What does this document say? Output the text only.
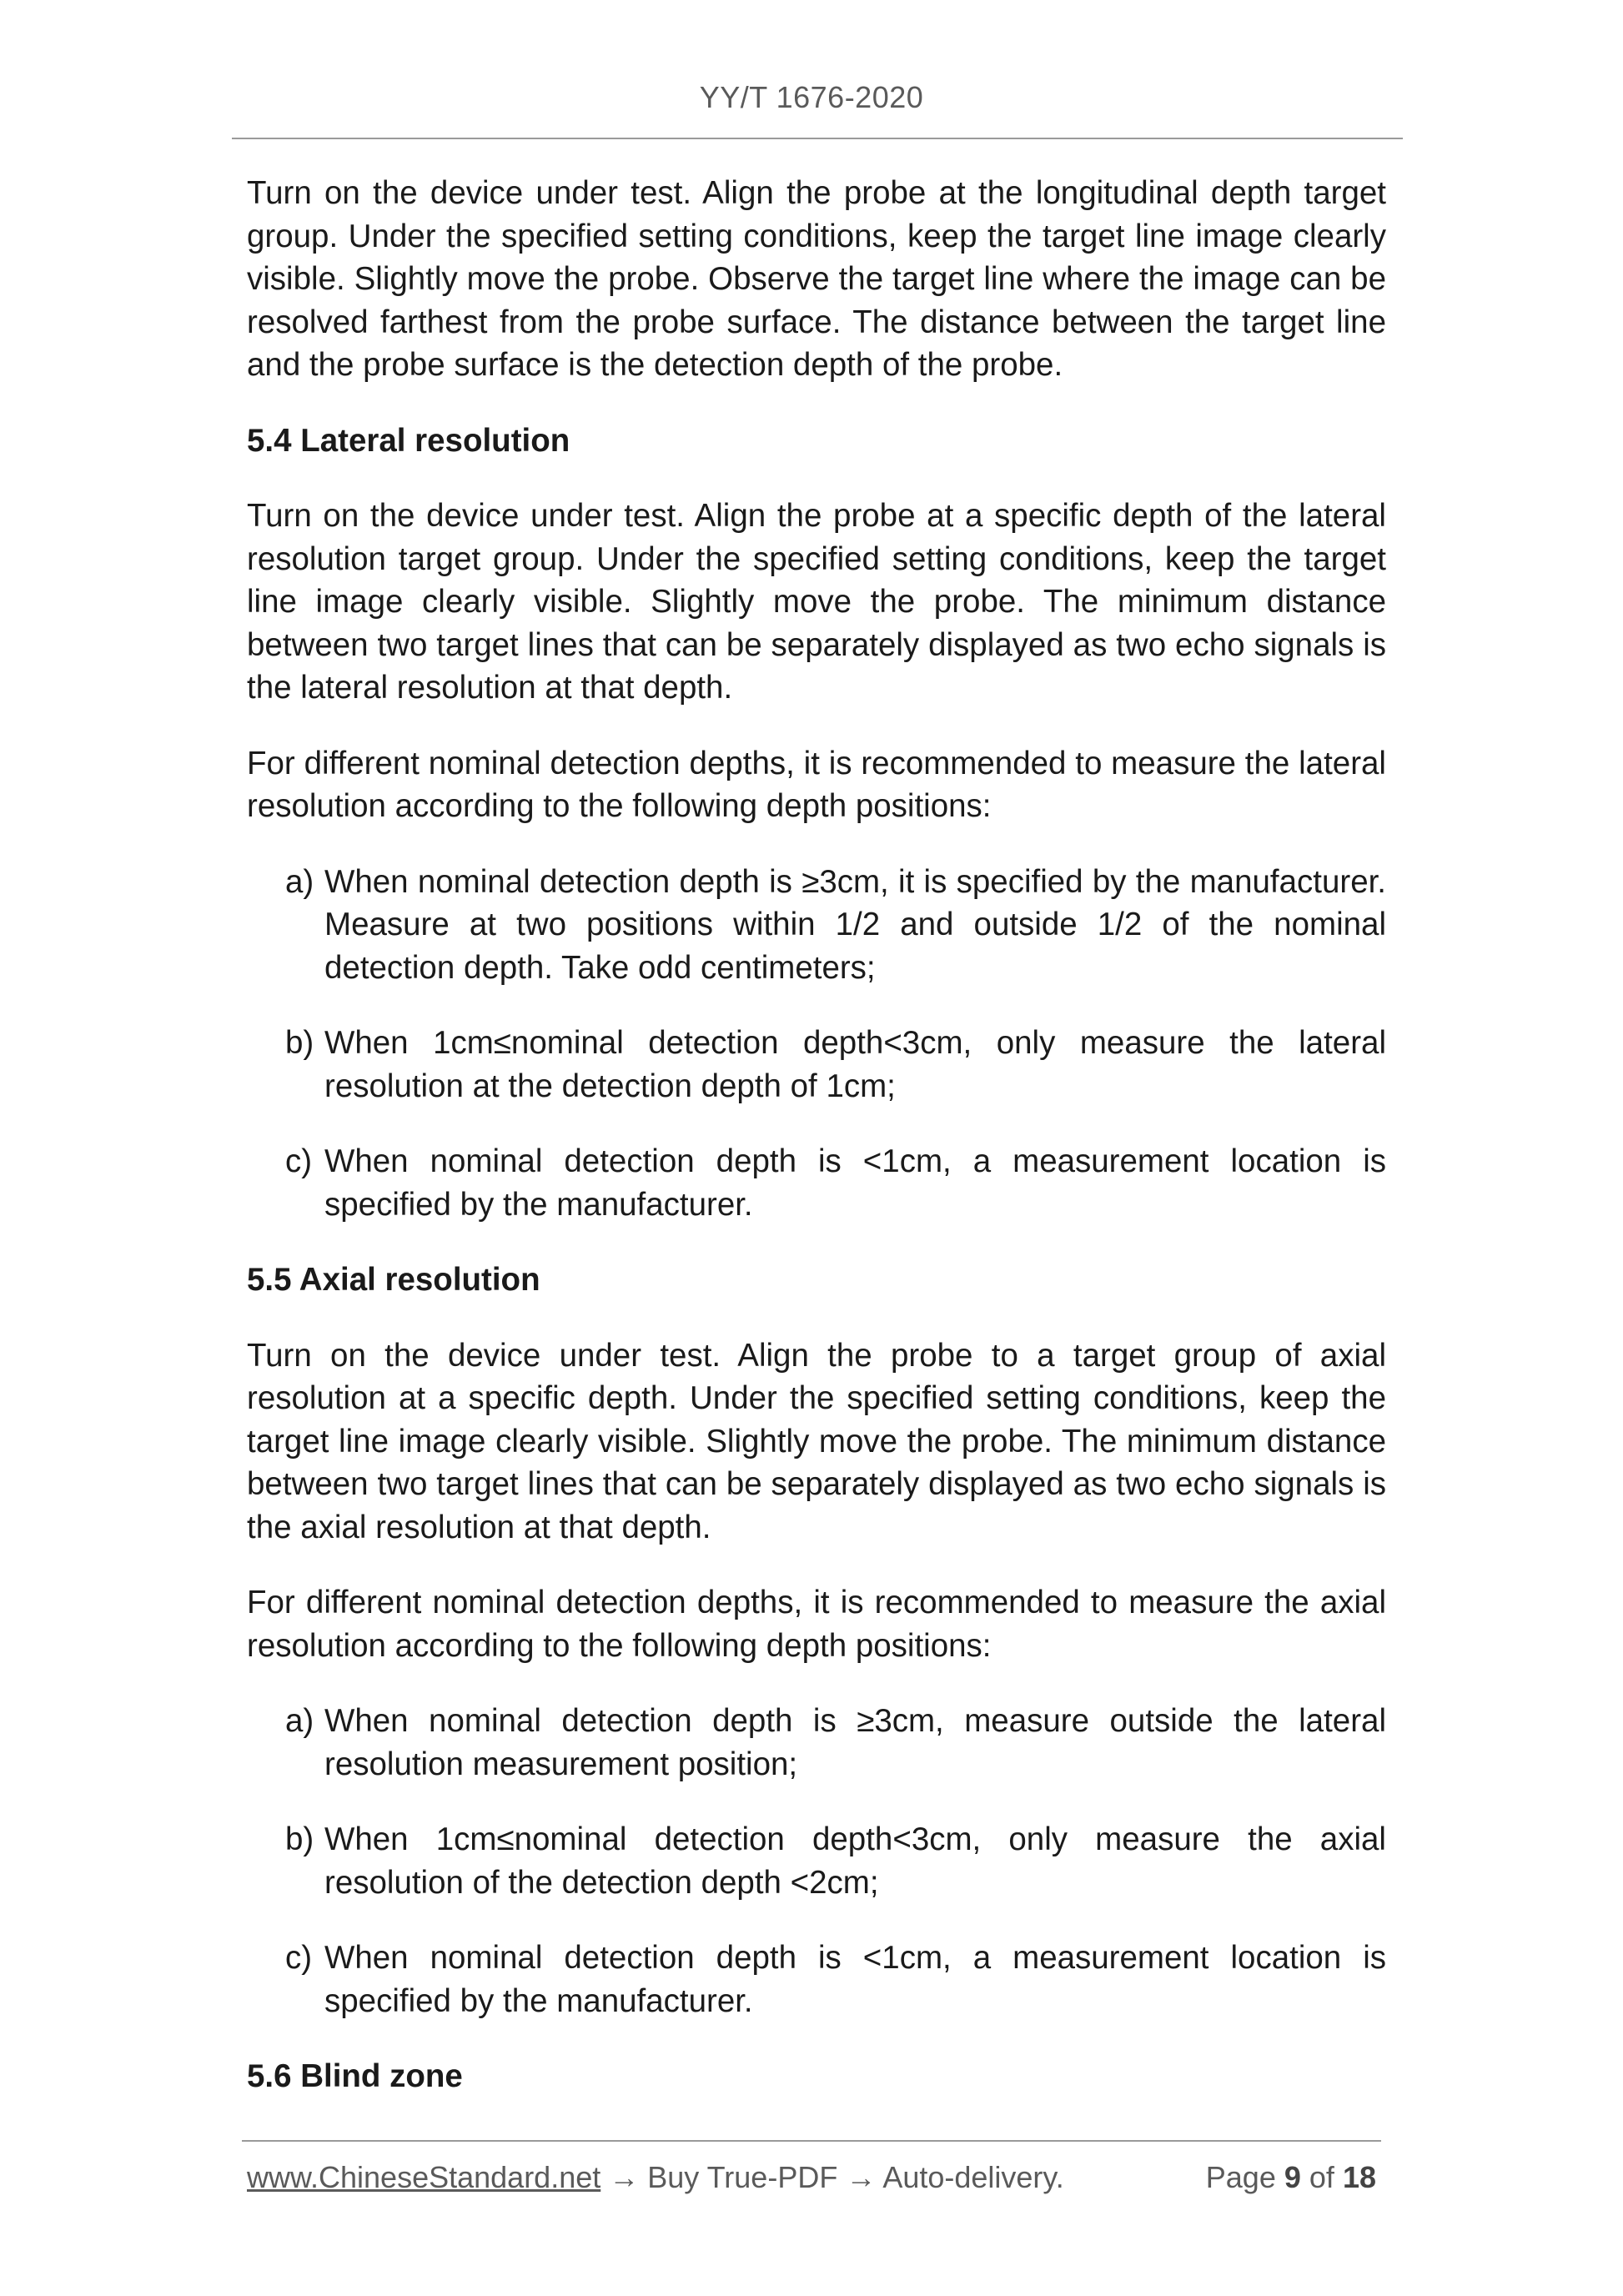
YY/T 1676-2020

Turn on the device under test. Align the probe at the longitudinal depth target group. Under the specified setting conditions, keep the target line image clearly visible. Slightly move the probe. Observe the target line where the image can be resolved farthest from the probe surface. The distance between the target line and the probe surface is the detection depth of the probe.

5.4 Lateral resolution

Turn on the device under test. Align the probe at a specific depth of the lateral resolution target group. Under the specified setting conditions, keep the target line image clearly visible. Slightly move the probe. The minimum distance between two target lines that can be separately displayed as two echo signals is the lateral resolution at that depth.

For different nominal detection depths, it is recommended to measure the lateral resolution according to the following depth positions:

a) When nominal detection depth is ≥3cm, it is specified by the manufacturer. Measure at two positions within 1/2 and outside 1/2 of the nominal detection depth. Take odd centimeters;
b) When 1cm≤nominal detection depth<3cm, only measure the lateral resolution at the detection depth of 1cm;
c) When nominal detection depth is <1cm, a measurement location is specified by the manufacturer.
5.5 Axial resolution

Turn on the device under test. Align the probe to a target group of axial resolution at a specific depth. Under the specified setting conditions, keep the target line image clearly visible. Slightly move the probe. The minimum distance between two target lines that can be separately displayed as two echo signals is the axial resolution at that depth.

For different nominal detection depths, it is recommended to measure the axial resolution according to the following depth positions:

a) When nominal detection depth is ≥3cm, measure outside the lateral resolution measurement position;
b) When 1cm≤nominal detection depth<3cm, only measure the axial resolution of the detection depth <2cm;
c) When nominal detection depth is <1cm, a measurement location is specified by the manufacturer.
5.6 Blind zone
www.ChineseStandard.net → Buy True-PDF → Auto-delivery.	Page 9 of 18
